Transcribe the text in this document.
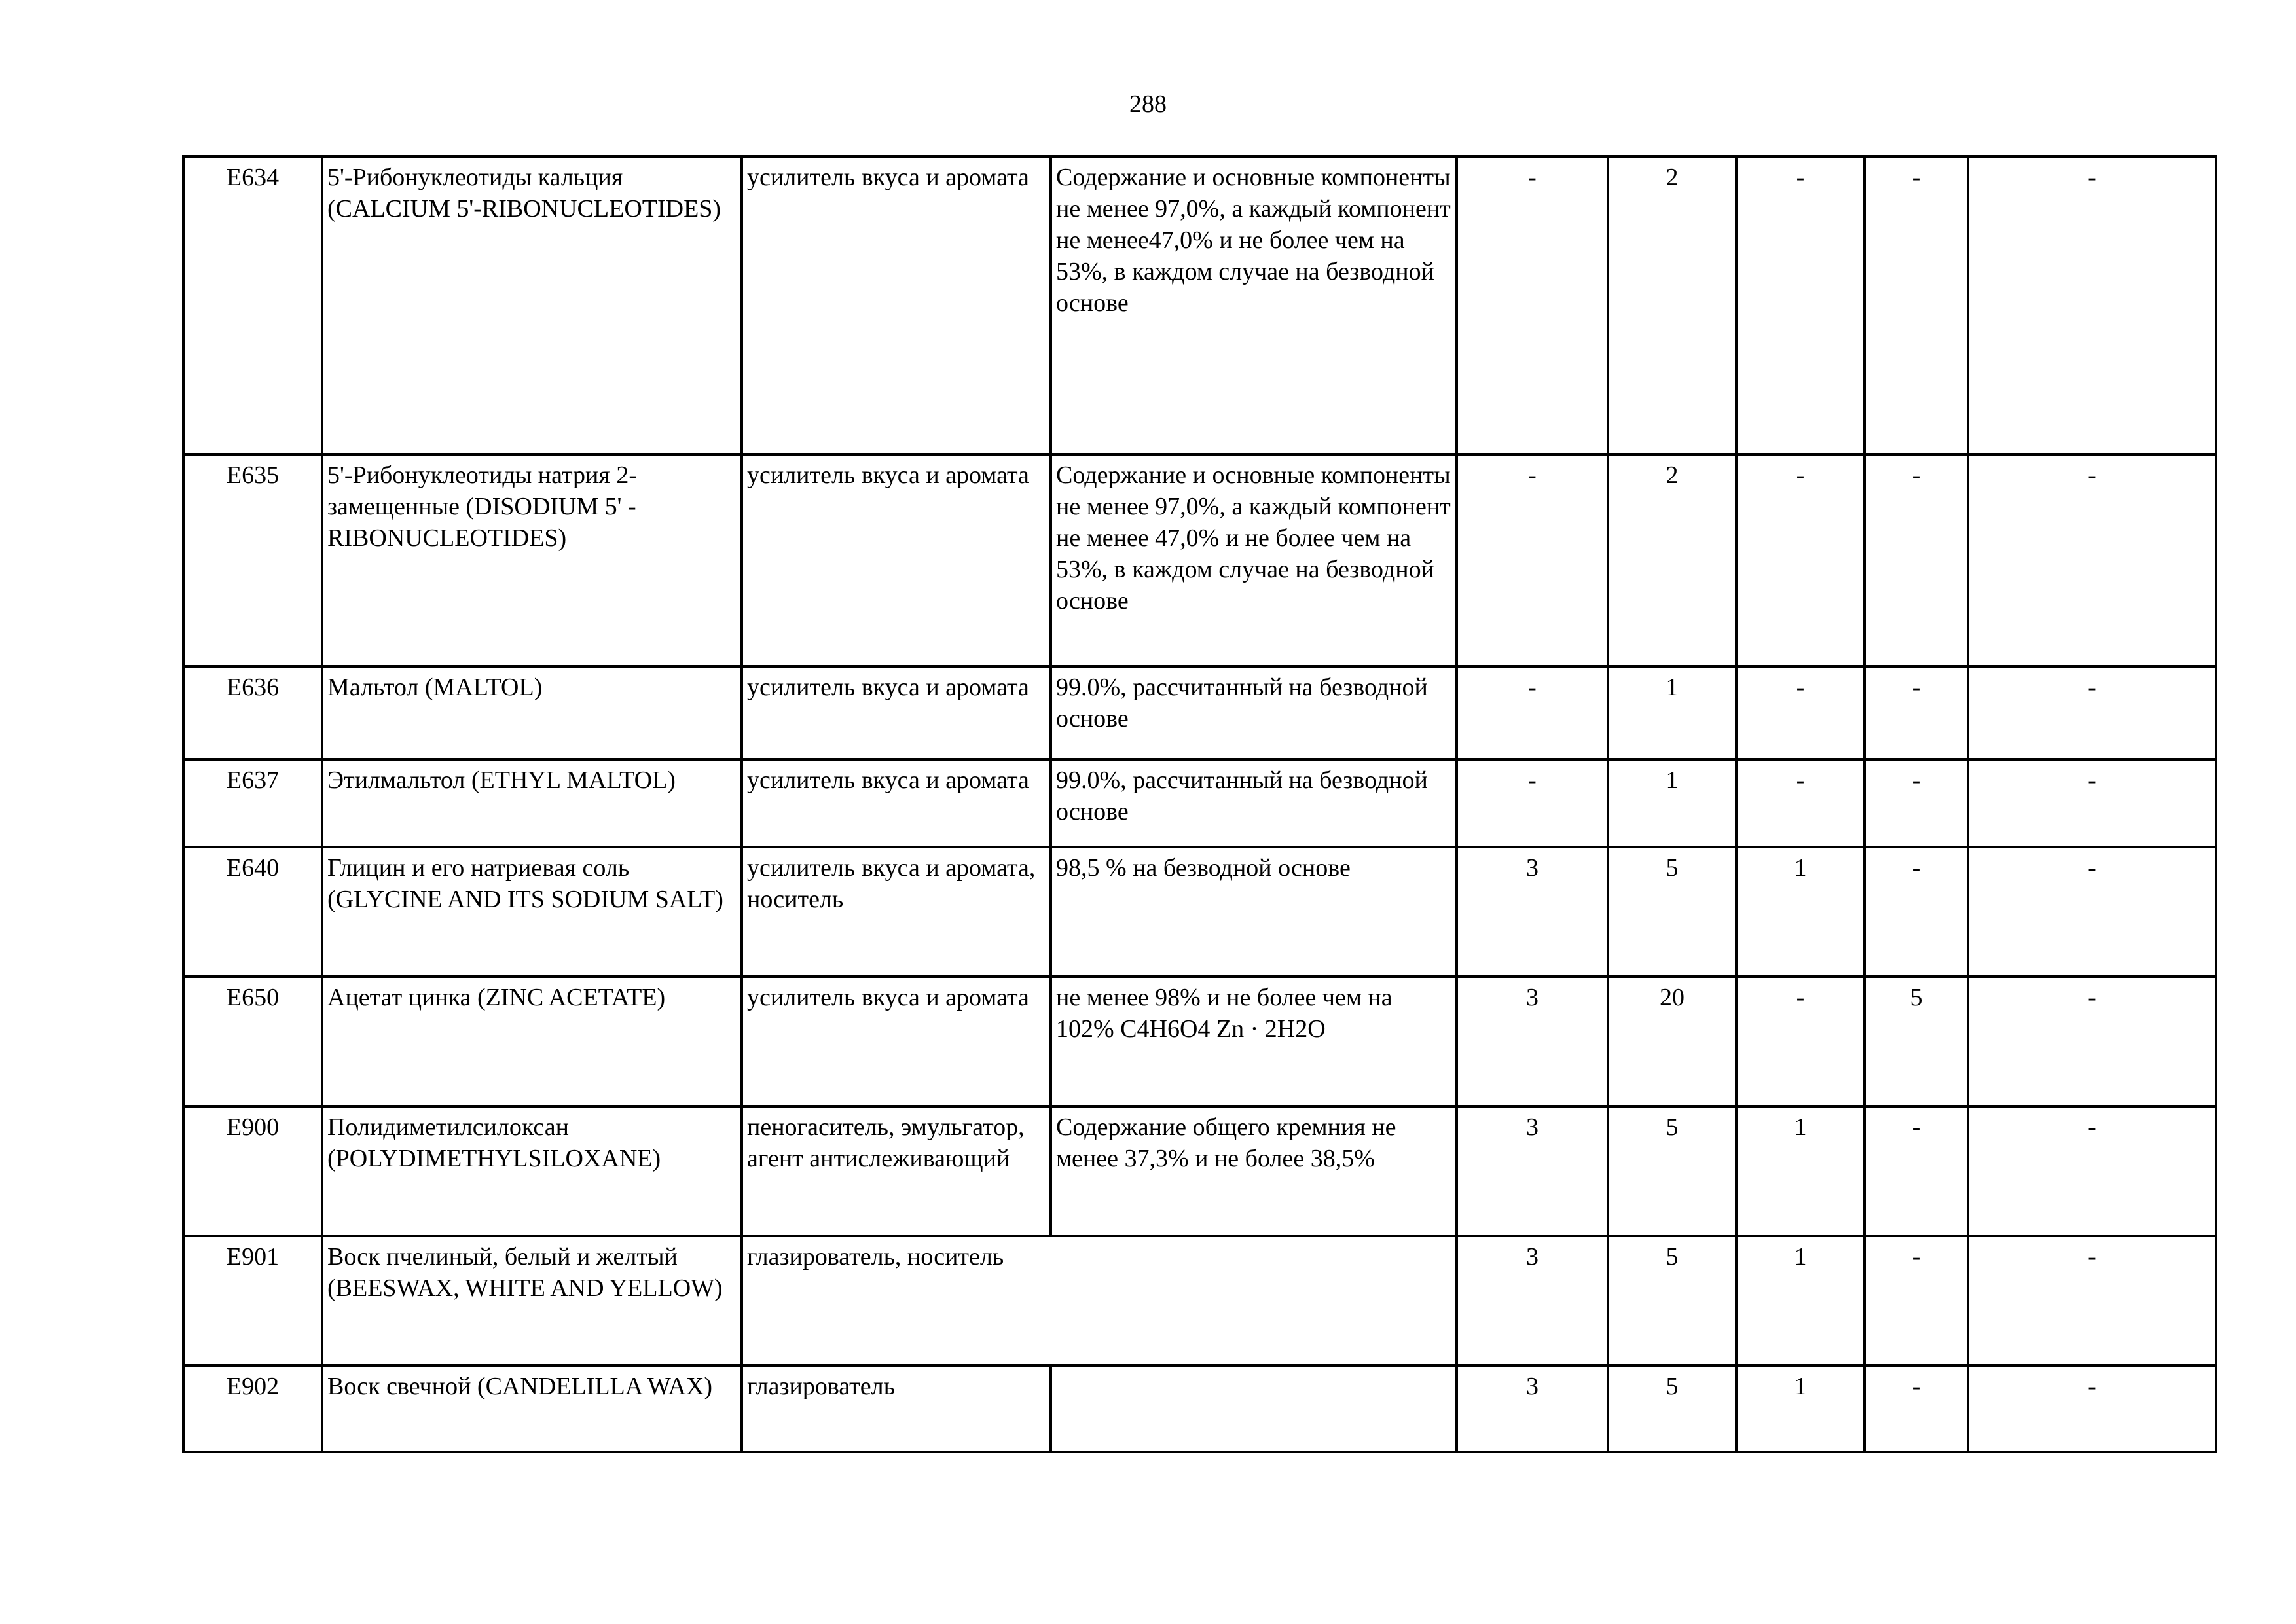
288
E634	5'-Рибонуклеотиды кальция (CALCIUM 5'-RIBONUCLEOTIDES)	усилитель вкуса и аромата	Содержание и основные компоненты не менее 97,0%, а каждый компонент не менее47,0% и не более чем на 53%, в каждом случае на безводной основе	-	2	-	-	-
E635	5'-Рибонуклеотиды натрия 2-замещенные (DISODIUM 5' - RIBONUCLEOTIDES)	усилитель вкуса и аромата	Содержание и основные компоненты не менее 97,0%, а каждый компонент не менее 47,0% и не более чем на 53%, в каждом случае на безводной основе	-	2	-	-	-
E636	Мальтол (MALTOL)	усилитель вкуса и аромата	99.0%, рассчитанный на безводной основе	-	1	-	-	-
E637	Этилмальтол (ETHYL MALTOL)	усилитель вкуса и аромата	99.0%, рассчитанный на безводной основе	-	1	-	-	-
E640	Глицин и его натриевая соль (GLYCINE AND ITS SODIUM SALT)	усилитель вкуса и аромата, носитель	98,5 % на безводной основе	3	5	1	-	-
E650	Ацетат цинка (ZINC ACETATE)	усилитель вкуса и аромата	не менее 98% и не более чем на 102% C4H6O4 Zn · 2H2O	3	20	-	5	-
E900	Полидиметилсилоксан (POLYDIMETHYLSILOXANE)	пеногаситель, эмульгатор, агент антислеживающий	Содержание общего кремния не менее 37,3% и не более 38,5%	3	5	1	-	-
E901	Воск пчелиный, белый и желтый (BEESWAX, WHITE AND YELLOW)	глазирователь, носитель		3	5	1	-	-
E902	Воск свечной (CANDELILLA WAX)	глазирователь		3	5	1	-	-
